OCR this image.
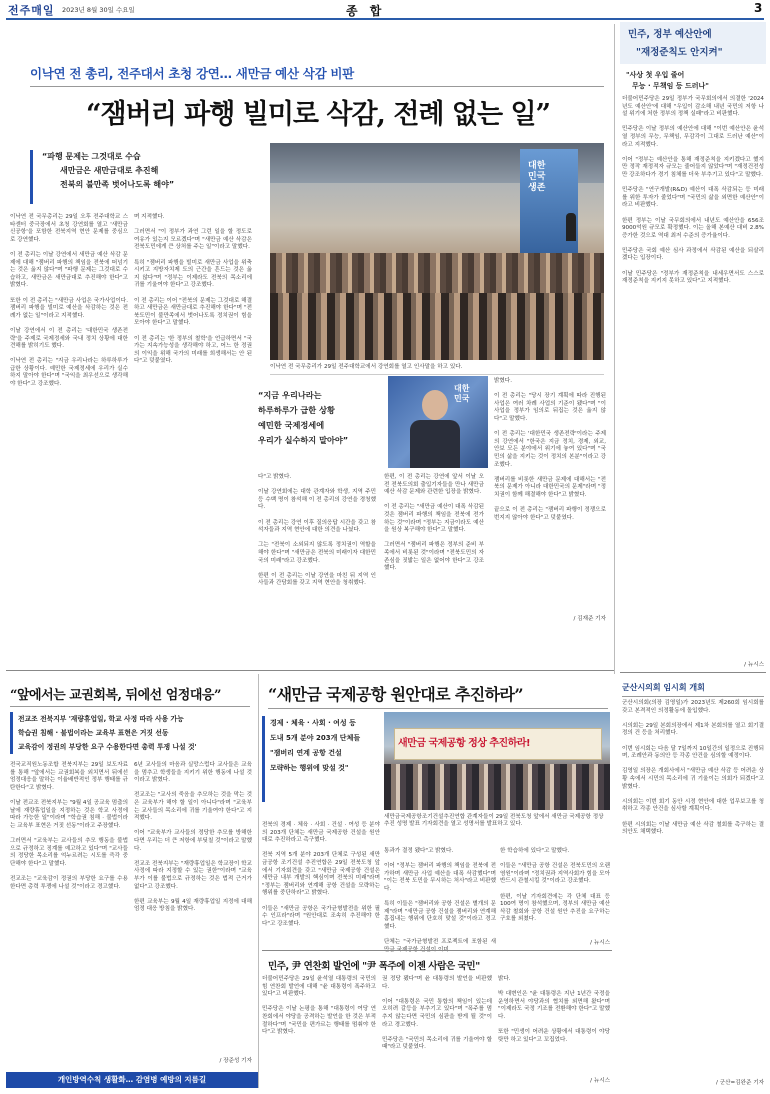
전주매일 2023년 8월 30일 수요일	종 합	3
이낙연 전 총리, 전주대서 초청 강연… 새만금 예산 삭감 비판
“잼버리 파행 빌미로 삭감, 전례 없는 일”
“파행 문제는 그것대로 수습
새만금은 새만금대로 추진해
전북의 불만족 벗어나도록 해야”
대한
민국
생존
이낙연 전 국무총리가 29일 전주대학교에서 강연회를 열고 인사말을 하고 있다.
“지금 우리나라는
하루하루가 급한 상황
예민한 국제정세에
우리가 실수하지 말아야”
대한
민국
이낙연 전 국무총리는 29일 오후 전주대학교 스타센터 중극장에서 초청 강연회를 열고 '새만금 신공항'을 포함한 전북지역 현안 문제를 중심으로 강연했다.

이 전 총리는 이날 강연에서 새만금 예산 삭감 문제에 대해 "잼버리 파행의 책임을 전북에 떠넘기는 것은 옳지 않다"며 "파행 문제는 그것대로 수습하고, 새만금은 새만금대로 추진해야 한다"고 밝혔다.

또한 이 전 총리는 "새만금 사업은 국가사업이다. 잼버리 파행을 빌미로 예산을 삭감하는 것은 전례가 없는 일"이라고 지적했다.

이날 강연에서 이 전 총리는 '대한민국 생존전략'을 주제로 국제정세와 국내 정치 상황에 대한 견해를 밝히기도 했다.

이낙연 전 총리는 "지금 우리나라는 하루하루가 급한 상황이다. 예민한 국제정세에 우리가 실수하지 말아야 한다"며 "국익을 최우선으로 생각해야 한다"고 강조했다.
며 지적했다.

그러면서 "이 정부가 과연 그런 일을 할 정도로 여유가 있는지 모르겠다"며 "새만금 예산 삭감은 전북도민에게 큰 상처를 주는 일"이라고 말했다.

특히 "잼버리 파행을 빌미로 새만금 사업을 위축시키고 지방자치제 도의 근간을 흔드는 것은 옳지 않다"며 "정부는 이제라도 전북의 목소리에 귀를 기울여야 한다"고 강조했다.

이 전 총리는 이어 "전북의 문제는 그것대로 해결하고 새만금은 새만금대로 추진해야 한다"며 "전북도민이 불만족에서 벗어나도록 정치권이 힘을 모아야 한다"고 말했다.

이 전 총리는 '한 정부의 철학'을 언급하면서 "국가는 지속가능성을 생각해야 하고, 어느 한 정권의 이익을 위해 국가의 미래를 희생해서는 안 된다"고 덧붙였다.
다"고 밝혔다.

이날 강연회에는 대학 관계자와 학생, 지역 주민 등 수백 명이 참석해 이 전 총리의 강연을 경청했다.

이 전 총리는 강연 이후 질의응답 시간을 갖고 참석자들과 지역 현안에 대한 의견을 나눴다.

그는 "전북이 소외되지 않도록 정치권이 역할을 해야 한다"며 "새만금은 전북의 미래이자 대한민국의 미래"라고 강조했다.

한편 이 전 총리는 이날 강연을 마친 뒤 지역 인사들과 간담회를 갖고 지역 현안을 청취했다.
한편, 이 전 총리는 강연에 앞서 이날 오전 전북도의회 출입기자들을 만나 새만금 예산 삭감 문제와 관련한 입장을 밝혔다.

이 전 총리는 "새만금 예산이 대폭 삭감된 것은 잼버리 파행의 책임을 전북에 전가하는 것"이라며 "정부는 지금이라도 예산을 원상 복구해야 한다"고 말했다.

그러면서 "잼버리 파행은 정부의 준비 부족에서 비롯된 것"이라며 "전북도민의 자존심을 짓밟는 일은 없어야 한다"고 강조했다.
밝혔다.

이 전 총리는 "당시 장기 계획에 따라 진행된 사업은 여러 차례 사업의 기준이 됐다"며 "이 사업을 정부가 임의로 뒤집는 것은 옳지 않다"고 말했다.

이 전 총리는 '대한민국 생존전략'이라는 주제의 강연에서 "한국은 지금 정치, 경제, 외교, 안보 모든 분야에서 위기에 놓여 있다"며 "국민의 삶을 지키는 것이 정치의 본분"이라고 강조했다.

잼버리를 비롯한 새만금 문제에 대해서는 "전북의 문제가 아니라 대한민국의 문제"라며 "정치권이 함께 해결해야 한다"고 밝혔다.

끝으로 이 전 총리는 "잼버리 파행이 정쟁으로 번지지 않아야 한다"고 덧붙였다.
/ 김재준 기자
민주, 정부 예산안에
"재정준칙도 안지켜"
"사상 첫 우입 줄어
무능 · 무책임 등 드러나"
더불어민주당은 29일 정부가 국무회의에서 의결한 '2024년도 예산안'에 대해 "우입이 감소해 내년 국민의 저항 나설 위기에 처한 정부의 정책 실패"라고 비판했다.

민주당은 이날 정부의 예산안에 대해 "이번 예산안은 윤석열 정부의 무능, 무책임, 무감각이 그대로 드러난 예산"이라고 지적했다.

이어 "정부는 예산안을 통해 재정준칙을 지키겠다고 했지만 정작 재정적자 규모는 줄어들지 않았다"며 "재정건전성만 강조하다가 경기 침체를 더욱 부추기고 있다"고 말했다.

민주당은 "연구개발(R&D) 예산이 대폭 삭감되는 등 미래를 위한 투자가 줄었다"며 "국민의 삶을 외면한 예산안"이라고 비판했다.

한편 정부는 이날 국무회의에서 내년도 예산안을 656조9000억원 규모로 확정했다. 이는 올해 본예산 대비 2.8% 증가한 것으로 역대 최저 수준의 증가율이다.

민주당은 국회 예산 심사 과정에서 삭감된 예산을 되살리겠다는 입장이다.

이날 민주당은 "정부가 재정준칙을 내세우면서도 스스로 재정준칙을 지키지 못하고 있다"고 지적했다.
/ 뉴시스
군산시의회 임시회 개회
군산시의회(의장 김영일)가 2023년도 제260회 임시회를 갖고 본격적인 의정활동에 돌입했다.

시의회는 29일 본회의장에서 제1차 본회의를 열고 회기결정의 건 등을 처리했다.

이번 임시회는 다음 달 7일까지 10일간의 일정으로 진행되며, 조례안과 동의안 등 각종 안건을 심의할 예정이다.

김영일 의장은 개회사에서 "새만금 예산 삭감 등 어려운 상황 속에서 시민의 목소리에 귀 기울이는 의회가 되겠다"고 밝혔다.

시의회는 이번 회기 동안 시정 현안에 대한 업무보고를 청취하고 각종 안건을 심사할 계획이다.

한편 시의회는 이날 새만금 예산 삭감 철회를 촉구하는 결의안도 채택했다.
/ 군산=김완준 기자
“앞에서는 교권회복, 뒤에선 엄정대응”
전교조 전북지부 '재량휴업일, 학교 사정 따라 사용 가능
학습권 침해 · 불법이라는 교육부 표현은 거짓 선동
교육감이 정권의 부당한 요구 수용한다면 총력 투쟁 나설 것'
전국교직원노동조합 전북지부는 29일 보도자료를 통해 "앞에서는 교권회복을 외치면서 뒤에선 엄정대응을 말하는 이율배반적인 정부 행태를 규탄한다"고 밝혔다.

이날 전교조 전북지부는 "9월 4일 공교육 멈춤의 날에 재량휴업일을 지정하는 것은 학교 사정에 따라 가능한 일"이라며 "학습권 침해 · 불법이라는 교육부 표현은 거짓 선동"이라고 주장했다.

그러면서 "교육부는 교사들의 추모 행동을 불법으로 규정하고 징계를 예고하고 있다"며 "교사들의 정당한 목소리를 억누르려는 시도를 즉각 중단해야 한다"고 말했다.

전교조는 "교육감이 정권의 부당한 요구를 수용한다면 총력 투쟁에 나설 것"이라고 경고했다.
6년 교사들의 마음과 실망스럽다 교사들은 교육을 멈추고 학생들을 지키기 위한 행동에 나설 것이라고 밝혔다.

전교조는 "교사의 죽음을 추모하는 것을 막는 것은 교육부가 해야 할 일이 아니다"라며 "교육부는 교사들의 목소리에 귀를 기울여야 한다"고 지적했다.

이어 "교육부가 교사들의 정당한 추모를 방해한다면 우리는 더 큰 저항에 부딪칠 것"이라고 말했다.

전교조 전북지부는 "재량휴업일은 학교장이 학교 사정에 따라 지정할 수 있는 권한"이라며 "교육부가 이를 불법으로 규정하는 것은 법적 근거가 없다"고 강조했다.

한편 교육부는 9월 4일 재량휴업일 지정에 대해 엄정 대응 방침을 밝혔다.
/ 장준성 기자
개인방역수칙 생활화… 감염병 예방의 지름길
“새만금 국제공항 원안대로 추진하라”
경제 · 체육 · 사회 · 여성 등
도내 5개 분야 203개 단체들
"잼버리 연계 공항 건설
모략하는 행위에 맞설 것"
새만금 국제공항 정상 추진하라!
새만금국제공항조기건설추진연합 관계자들이 29일 전북도청 앞에서 새만금 국제공항 정상 추진 성명 발표 기자회견을 열고 성명서를 발표하고 있다.
전북의 경제 · 체육 · 사회 · 건설 · 여성 등 분야의 203개 단체는 새만금 국제공항 건설을 원안대로 추진하라고 촉구했다.

전북 지역 5개 분야 203개 단체로 구성된 새만금공항 조기건설 추진연합은 29일 전북도청 앞에서 기자회견을 갖고 "새만금 국제공항 건설은 새만금 내부 개발의 핵심이며 전북의 미래"라며 "정부는 잼버리와 연계해 공항 건설을 모략하는 행위를 중단하라"고 밝혔다.

이들은 "새만금 공항은 국가균형발전을 위한 필수 인프라"라며 "원안대로 조속히 추진해야 한다"고 강조했다.
통과가 결정 됐다"고 밝혔다.

이어 "정부는 잼버리 파행의 책임을 전북에 전가하며 새만금 사업 예산을 대폭 삭감했다"며 "이는 전북 도민을 무시하는 처사"라고 비판했다.

특히 이들은 "잼버리와 공항 건설은 별개의 문제"라며 "새만금 공항 건설을 잼버리와 연계해 흠집내는 행위에 단호히 맞설 것"이라고 경고했다.

단체는 "국가균형발전 프로젝트에 포함된 새
한 학습하에 있다"고 말했다.

이들은 "새만금 공항 건설은 전북도민의 오랜 염원"이라며 "정치권과 지역사회가 힘을 모아 반드시 관철시킬 것"이라고 강조했다.

한편, 이날 기자회견에는 각 단체 대표 등 100여 명이 참석했으며, 정부의 새만금 예산 삭감 철회와 공항 건설 원안 추진을 요구하는 구호를 외쳤다.
/ 뉴시스
민주, 尹 연찬회 발언에 "尹 폭주에 이젠 사람은 국민"
더불어민주당은 29일 윤석열 대통령의 국민의힘 연찬회 발언에 대해 "윤 대통령이 폭주하고 있다"고 비판했다.

민주당은 이날 논평을 통해 "대통령이 여당 연찬회에서 야당을 공격하는 발언을 한 것은 부적절하다"며 "국민을 편가르는 행태를 멈춰야 한다"고 밝혔다.
권 정당 됐다"며 윤 대통령의 발언을 비판했다.

이어 "대통령은 국민 통합의 책임이 있는데 오히려 갈등을 부추기고 있다"며 "폭주를 멈추지 않는다면 국민의 심판을 받게 될 것"이라고 경고했다.

민주당은 "국민의 목소리에 귀를 기울여야 할 때"라고 덧붙였다.
밝다.

박 대변인은 "윤 대통령은 지난 1년간 국정을 운영하면서 야당과의 협치를 외면해 왔다"며 "이제라도 국정 기조를 전환해야 한다"고 말했다.

또한 "민생이 어려운 상황에서 대통령이 야당 탓만 하고 있다"고 꼬집었다.
/ 뉴시스
